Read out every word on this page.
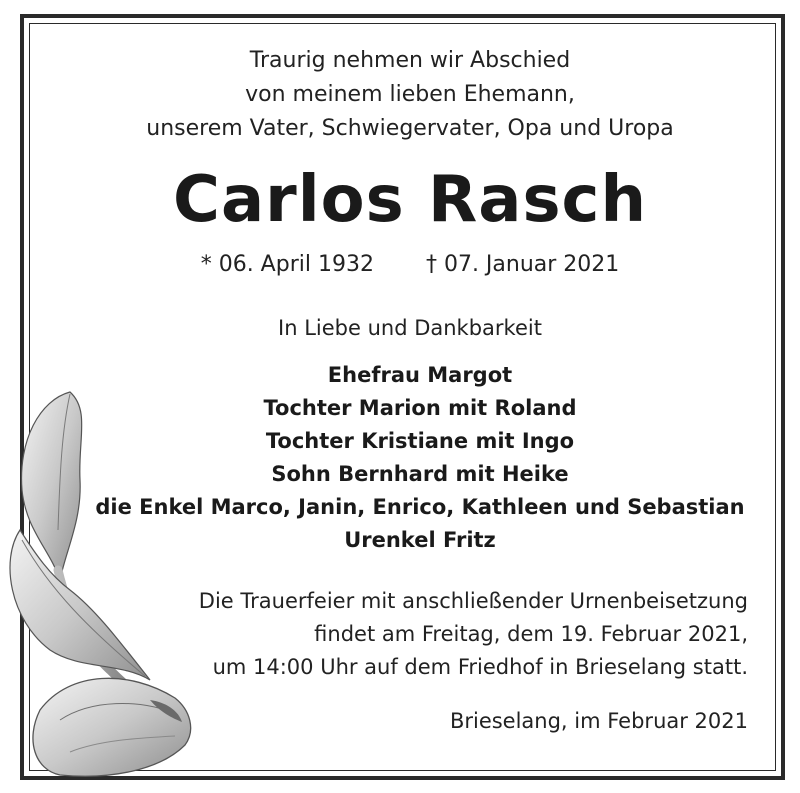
Traurig nehmen wir Abschied
von meinem lieben Ehemann,
unserem Vater, Schwiegervater, Opa und Uropa
Carlos Rasch
* 06. April 1932 † 07. Januar 2021
In Liebe und Dankbarkeit
Ehefrau Margot
Tochter Marion mit Roland
Tochter Kristiane mit Ingo
Sohn Bernhard mit Heike
die Enkel Marco, Janin, Enrico, Kathleen und Sebastian
Urenkel Fritz
Die Trauerfeier mit anschließender Urnenbeisetzung
findet am Freitag, dem 19. Februar 2021,
um 14:00 Uhr auf dem Friedhof in Brieselang statt.
Brieselang, im Februar 2021
